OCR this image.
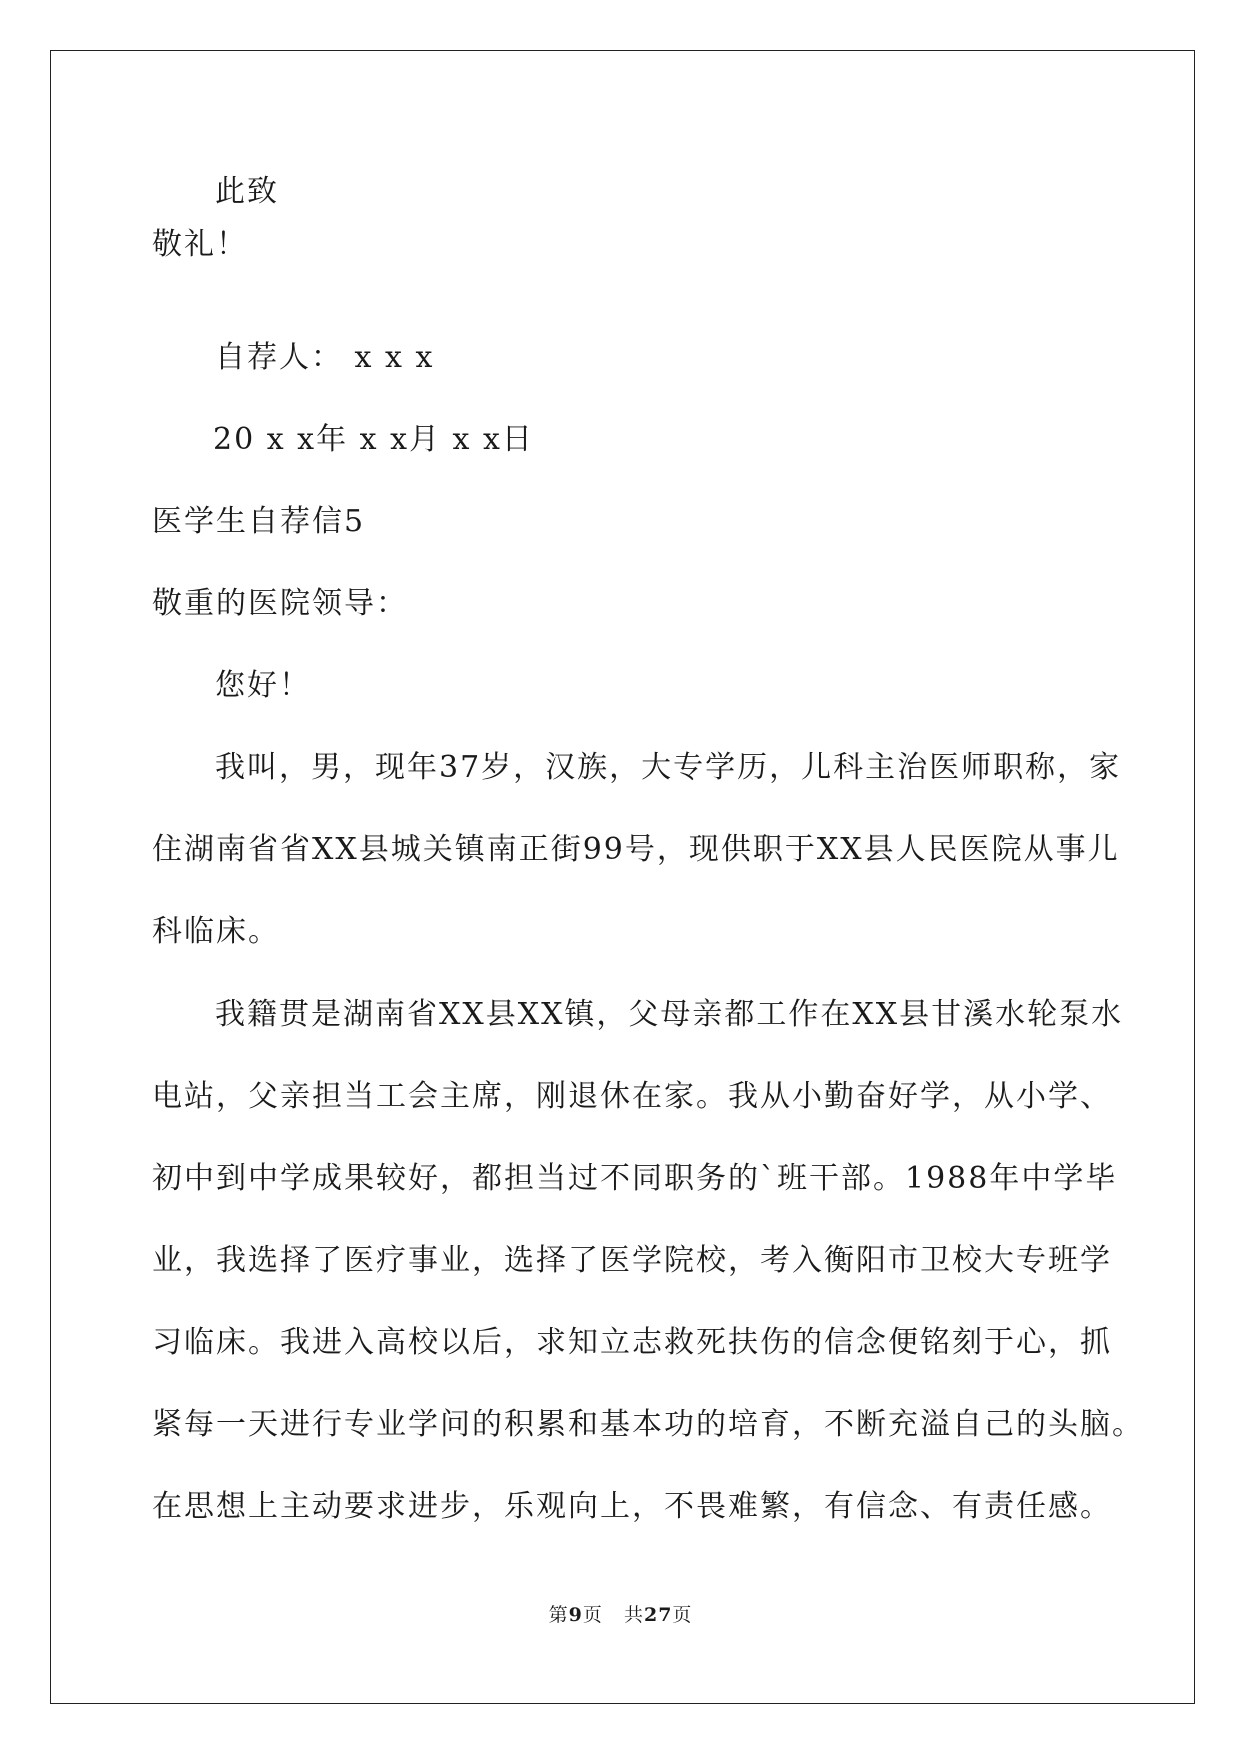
此致
敬礼！
自荐人： x x x
20 x x年 x x月 x x日
医学生自荐信5
敬重的医院领导：
您好！
我叫，男，现年37岁，汉族，大专学历，儿科主治医师职称，家
住湖南省省XX县城关镇南正街99号，现供职于XX县人民医院从事儿
科临床。
我籍贯是湖南省XX县XX镇，父母亲都工作在XX县甘溪水轮泵水
电站，父亲担当工会主席，刚退休在家。我从小勤奋好学，从小学、
初中到中学成果较好，都担当过不同职务的`班干部。1988年中学毕
业，我选择了医疗事业，选择了医学院校，考入衡阳市卫校大专班学
习临床。我进入高校以后，求知立志救死扶伤的信念便铭刻于心，抓
紧每一天进行专业学问的积累和基本功的培育，不断充溢自己的头脑。
在思想上主动要求进步，乐观向上，不畏难繁，有信念、有责任感。
第9页 共27页
